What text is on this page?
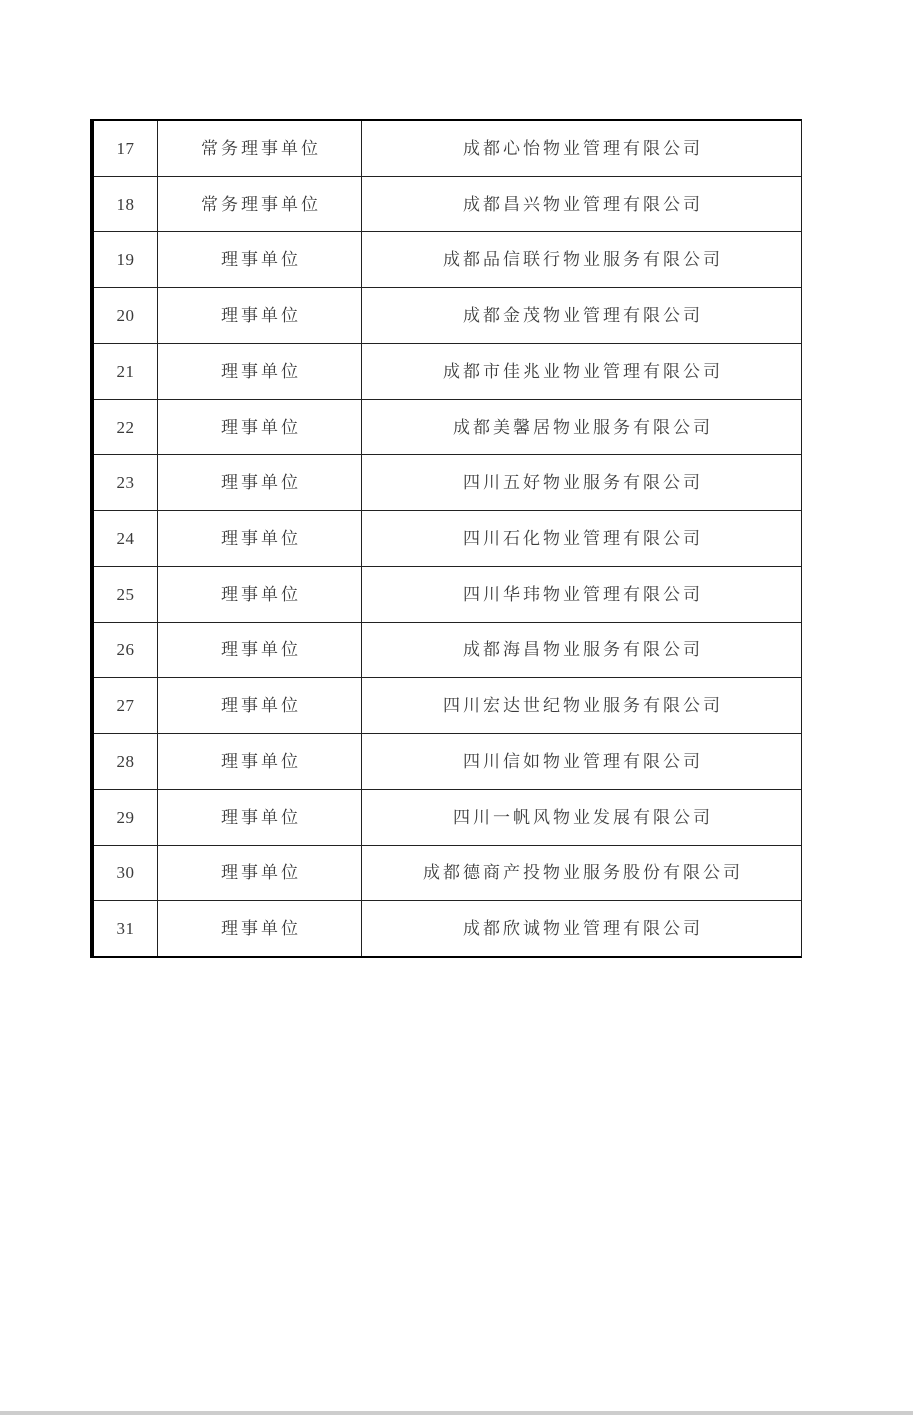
17	常务理事单位	成都心怡物业管理有限公司
18	常务理事单位	成都昌兴物业管理有限公司
19	理事单位	成都品信联行物业服务有限公司
20	理事单位	成都金茂物业管理有限公司
21	理事单位	成都市佳兆业物业管理有限公司
22	理事单位	成都美馨居物业服务有限公司
23	理事单位	四川五好物业服务有限公司
24	理事单位	四川石化物业管理有限公司
25	理事单位	四川华玮物业管理有限公司
26	理事单位	成都海昌物业服务有限公司
27	理事单位	四川宏达世纪物业服务有限公司
28	理事单位	四川信如物业管理有限公司
29	理事单位	四川一帆风物业发展有限公司
30	理事单位	成都德商产投物业服务股份有限公司
31	理事单位	成都欣诚物业管理有限公司
